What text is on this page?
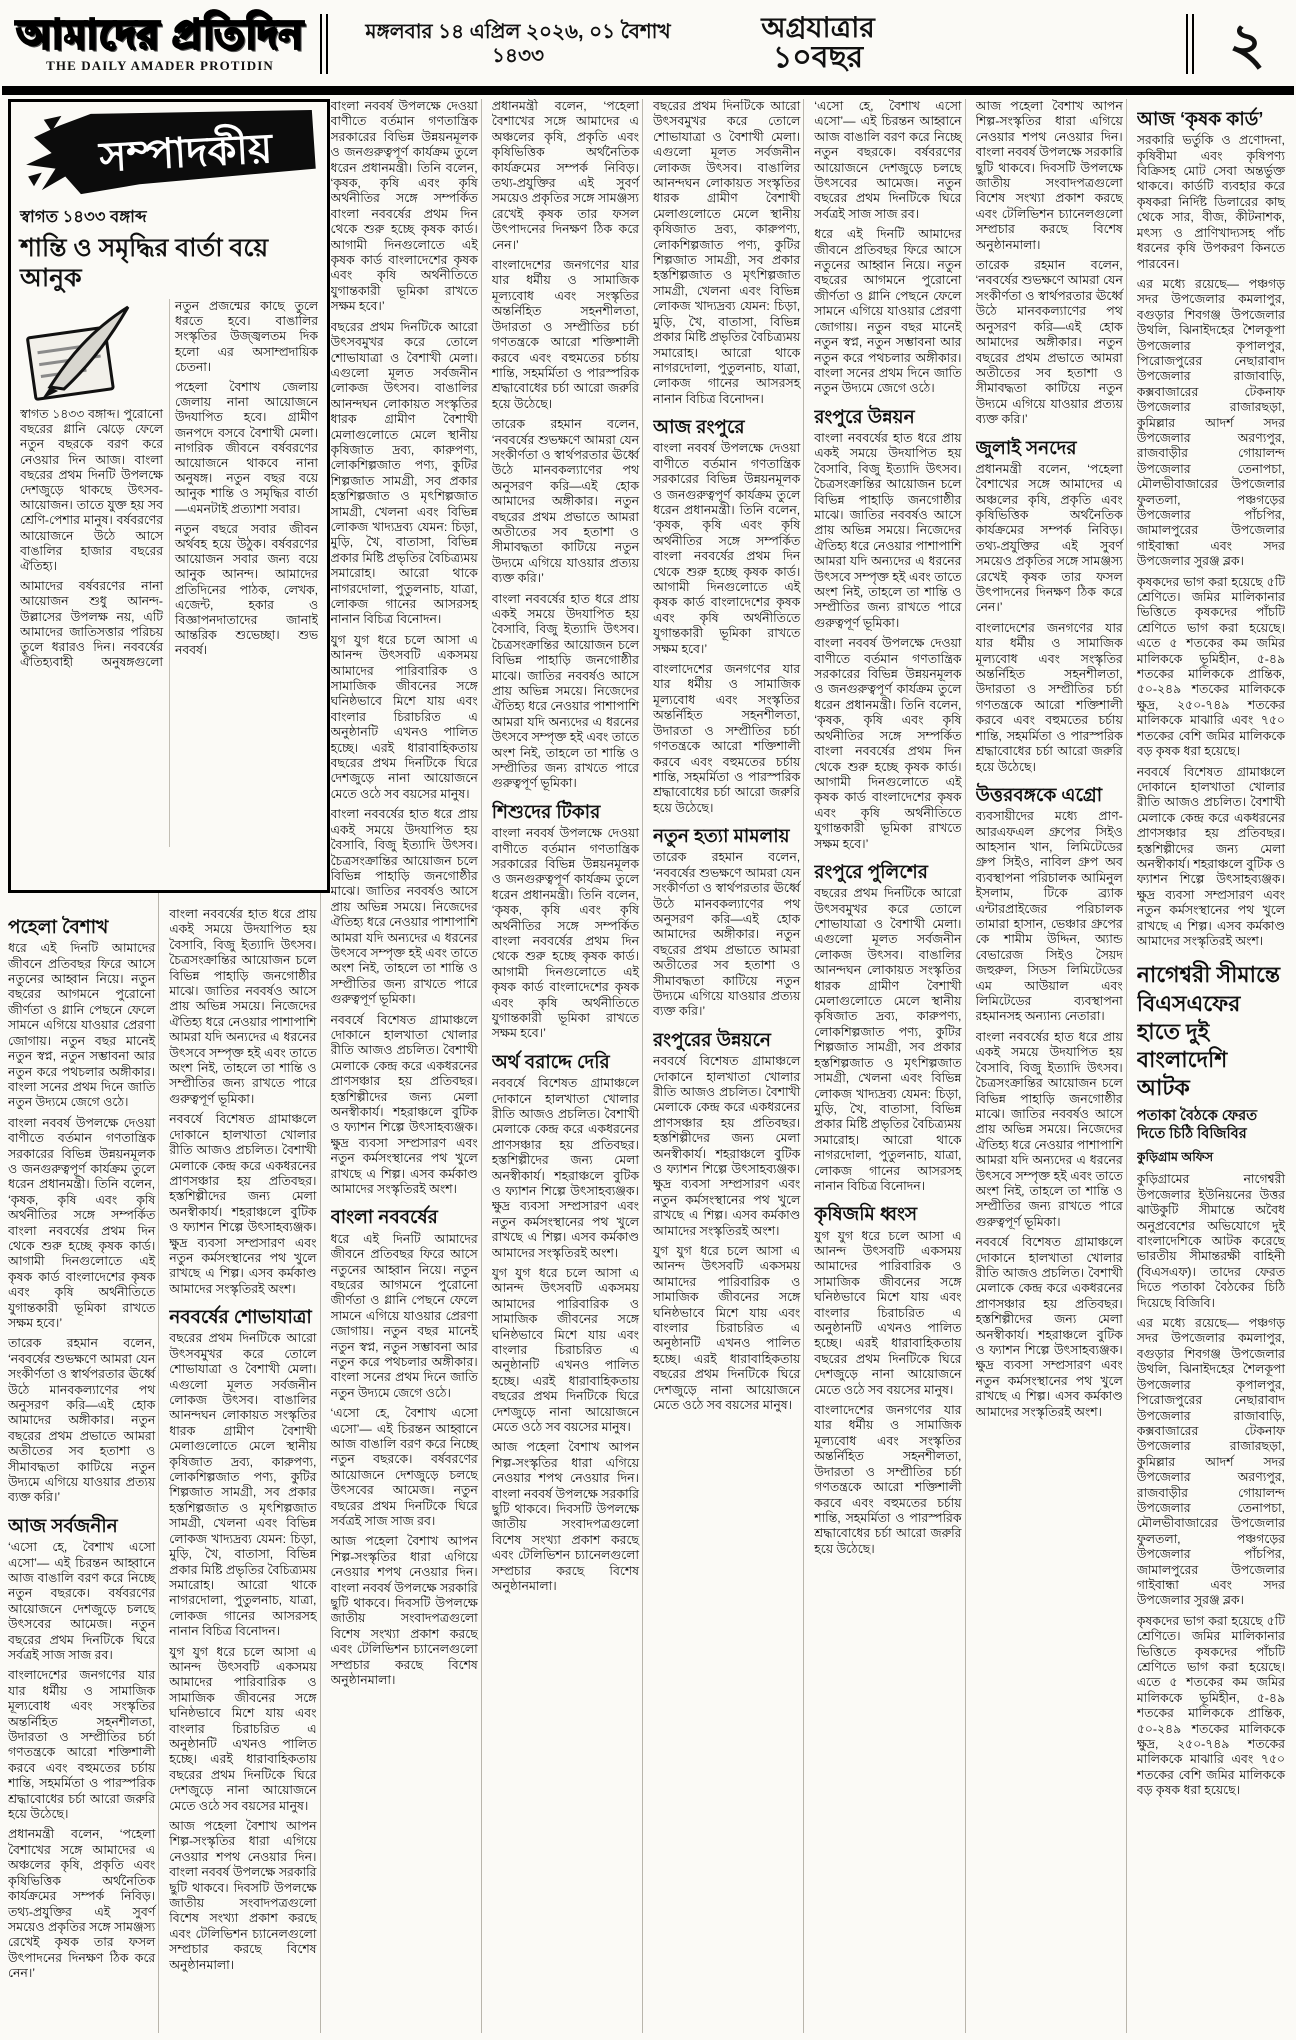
আমাদের প্রতিদিন
THE DAILY AMADER PROTIDIN
মঙ্গলবার ১৪ এপ্রিল ২০২৬, ০১ বৈশাখ ১৪৩৩
অগ্রযাত্রার
১০বছর	২
সম্পাদকীয়
স্বাগত ১৪৩৩ বঙ্গাব্দ
শান্তি ও সমৃদ্ধির বার্তা বয়ে আনুক

স্বাগত ১৪৩৩ বঙ্গাব্দ। পুরোনো বছরের গ্লানি ঝেড়ে ফেলে নতুন বছরকে বরণ করে নেওয়ার দিন আজ। বাংলা বছরের প্রথম দিনটি উপলক্ষে দেশজুড়ে থাকছে উৎসব-আয়োজন। তাতে যুক্ত হয় সব শ্রেণি-পেশার মানুষ। বর্ষবরণের আয়োজনে উঠে আসে বাঙালির হাজার বছরের ঐতিহ্য।

আমাদের বর্ষবরণের নানা আয়োজন শুধু আনন্দ-উল্লাসের উপলক্ষ নয়, এটি আমাদের জাতিসত্তার পরিচয় তুলে ধরারও দিন। নববর্ষের ঐতিহ্যবাহী অনুষঙ্গগুলো নতুন প্রজন্মের কাছে তুলে ধরতে হবে। বাঙালির সংস্কৃতির উজ্জ্বলতম দিক হলো এর অসাম্প্রদায়িক চেতনা।

পহেলা বৈশাখ জেলায় জেলায় নানা আয়োজনে উদযাপিত হবে। গ্রামীণ জনপদে বসবে বৈশাখী মেলা। নাগরিক জীবনে বর্ষবরণের আয়োজনে থাকবে নানা অনুষঙ্গ। নতুন বছর বয়ে আনুক শান্তি ও সমৃদ্ধির বার্তা—এমনটাই প্রত্যাশা সবার।

নতুন বছরে সবার জীবন অর্থবহ হয়ে উঠুক। বর্ষবরণের আয়োজন সবার জন্য বয়ে আনুক আনন্দ। আমাদের প্রতিদিনের পাঠক, লেখক, এজেন্ট, হকার ও বিজ্ঞাপনদাতাদের জানাই আন্তরিক শুভেচ্ছা। শুভ নববর্ষ।

পহেলা বৈশাখ

ধরে এই দিনটি আমাদের জীবনে প্রতিবছর ফিরে আসে নতুনের আহ্বান নিয়ে। নতুন বছরের আগমনে পুরোনো জীর্ণতা ও গ্লানি পেছনে ফেলে সামনে এগিয়ে যাওয়ার প্রেরণা জোগায়। নতুন বছর মানেই নতুন স্বপ্ন, নতুন সম্ভাবনা আর নতুন করে পথচলার অঙ্গীকার। বাংলা সনের প্রথম দিনে জাতি নতুন উদ্যমে জেগে ওঠে।

বাংলা নববর্ষ উপলক্ষে দেওয়া বাণীতে বর্তমান গণতান্ত্রিক সরকারের বিভিন্ন উন্নয়নমূলক ও জনগুরুত্বপূর্ণ কার্যক্রম তুলে ধরেন প্রধানমন্ত্রী। তিনি বলেন, ‘কৃষক, কৃষি এবং কৃষি অর্থনীতির সঙ্গে সম্পর্কিত বাংলা নববর্ষের প্রথম দিন থেকে শুরু হচ্ছে কৃষক কার্ড। আগামী দিনগুলোতে এই কৃষক কার্ড বাংলাদেশের কৃষক এবং কৃষি অর্থনীতিতে যুগান্তকারী ভূমিকা রাখতে সক্ষম হবে।’

তারেক রহমান বলেন, ‘নববর্ষের শুভক্ষণে আমরা যেন সংকীর্ণতা ও স্বার্থপরতার ঊর্ধ্বে উঠে মানবকল্যাণের পথ অনুসরণ করি—এই হোক আমাদের অঙ্গীকার। নতুন বছরের প্রথম প্রভাতে আমরা অতীতের সব হতাশা ও সীমাবদ্ধতা কাটিয়ে নতুন উদ্যমে এগিয়ে যাওয়ার প্রত্যয় ব্যক্ত করি।’

আজ সর্বজনীন

‘এসো হে, বৈশাখ এসো এসো’— এই চিরন্তন আহ্বানে আজ বাঙালি বরণ করে নিচ্ছে নতুন বছরকে। বর্ষবরণের আয়োজনে দেশজুড়ে চলছে উৎসবের আমেজ। নতুন বছরের প্রথম দিনটিকে ঘিরে সর্বত্রই সাজ সাজ রব।

বাংলাদেশের জনগণের যার যার ধর্মীয় ও সামাজিক মূল্যবোধ এবং সংস্কৃতির অন্তর্নিহিত সহনশীলতা, উদারতা ও সম্প্রীতির চর্চা গণতন্ত্রকে আরো শক্তিশালী করবে এবং বহুমতের চর্চায় শান্তি, সহমর্মিতা ও পারস্পরিক শ্রদ্ধাবোধের চর্চা আরো জরুরি হয়ে উঠেছে।

প্রধানমন্ত্রী বলেন, ‘পহেলা বৈশাখের সঙ্গে আমাদের এ অঞ্চলের কৃষি, প্রকৃতি এবং কৃষিভিত্তিক অর্থনৈতিক কার্যক্রমের সম্পর্ক নিবিড়। তথ্য-প্রযুক্তির এই সুবর্ণ সময়েও প্রকৃতির সঙ্গে সামঞ্জস্য রেখেই কৃষক তার ফসল উৎপাদনের দিনক্ষণ ঠিক করে নেন।’

বাংলা নববর্ষের হাত ধরে প্রায় একই সময়ে উদযাপিত হয় বৈসাবি, বিজু ইত্যাদি উৎসব। চৈত্রসংক্রান্তির আয়োজন চলে বিভিন্ন পাহাড়ি জনগোষ্ঠীর মাঝে। জাতির নববর্ষও আসে প্রায় অভিন্ন সময়ে। নিজেদের ঐতিহ্য ধরে নেওয়ার পাশাপাশি আমরা যদি অন্যদের এ ধরনের উৎসবে সম্পৃক্ত হই এবং তাতে অংশ নিই, তাহলে তা শান্তি ও সম্প্রীতির জন্য রাখতে পারে গুরুত্বপূর্ণ ভূমিকা।

নববর্ষে বিশেষত গ্রামাঞ্চলে দোকানে হালখাতা খোলার রীতি আজও প্রচলিত। বৈশাখী মেলাকে কেন্দ্র করে একধরনের প্রাণসঞ্চার হয় প্রতিবছর। হস্তশিল্পীদের জন্য মেলা অনস্বীকার্য। শহরাঞ্চলে বুটিক ও ফ্যাশন শিল্পে উৎসাহব্যঞ্জক। ক্ষুদ্র ব্যবসা সম্প্রসারণ এবং নতুন কর্মসংস্থানের পথ খুলে রাখছে এ শিল্প। এসব কর্মকাণ্ড আমাদের সংস্কৃতিরই অংশ।

নববর্ষের শোভাযাত্রা

বছরের প্রথম দিনটিকে আরো উৎসবমুখর করে তোলে শোভাযাত্রা ও বৈশাখী মেলা। এগুলো মূলত সর্বজনীন লোকজ উৎসব। বাঙালির আনন্দঘন লোকায়ত সংস্কৃতির ধারক গ্রামীণ বৈশাখী মেলাগুলোতে মেলে স্থানীয় কৃষিজাত দ্রব্য, কারুপণ্য, লোকশিল্পজাত পণ্য, কুটির শিল্পজাত সামগ্রী, সব প্রকার হস্তশিল্পজাত ও মৃৎশিল্পজাত সামগ্রী, খেলনা এবং বিভিন্ন লোকজ খাদ্যদ্রব্য যেমন: চিড়া, মুড়ি, খৈ, বাতাসা, বিভিন্ন প্রকার মিষ্টি প্রভৃতির বৈচিত্র্যময় সমারোহ। আরো থাকে নাগরদোলা, পুতুলনাচ, যাত্রা, লোকজ গানের আসরসহ নানান বিচিত্র বিনোদন।

যুগ যুগ ধরে চলে আসা এ আনন্দ উৎসবটি একসময় আমাদের পারিবারিক ও সামাজিক জীবনের সঙ্গে ঘনিষ্ঠভাবে মিশে যায় এবং বাংলার চিরাচরিত এ অনুষ্ঠানটি এখনও পালিত হচ্ছে। এরই ধারাবাহিকতায় বছরের প্রথম দিনটিকে ঘিরে দেশজুড়ে নানা আয়োজনে মেতে ওঠে সব বয়সের মানুষ।

আজ পহেলা বৈশাখ আপন শিল্প-সংস্কৃতির ধারা এগিয়ে নেওয়ার শপথ নেওয়ার দিন। বাংলা নববর্ষ উপলক্ষে সরকারি ছুটি থাকবে। দিবসটি উপলক্ষে জাতীয় সংবাদপত্রগুলো বিশেষ সংখ্যা প্রকাশ করছে এবং টেলিভিশন চ্যানেলগুলো সম্প্রচার করছে বিশেষ অনুষ্ঠানমালা।

বাংলা নববর্ষ উপলক্ষে দেওয়া বাণীতে বর্তমান গণতান্ত্রিক সরকারের বিভিন্ন উন্নয়নমূলক ও জনগুরুত্বপূর্ণ কার্যক্রম তুলে ধরেন প্রধানমন্ত্রী। তিনি বলেন, ‘কৃষক, কৃষি এবং কৃষি অর্থনীতির সঙ্গে সম্পর্কিত বাংলা নববর্ষের প্রথম দিন থেকে শুরু হচ্ছে কৃষক কার্ড। আগামী দিনগুলোতে এই কৃষক কার্ড বাংলাদেশের কৃষক এবং কৃষি অর্থনীতিতে যুগান্তকারী ভূমিকা রাখতে সক্ষম হবে।’

বছরের প্রথম দিনটিকে আরো উৎসবমুখর করে তোলে শোভাযাত্রা ও বৈশাখী মেলা। এগুলো মূলত সর্বজনীন লোকজ উৎসব। বাঙালির আনন্দঘন লোকায়ত সংস্কৃতির ধারক গ্রামীণ বৈশাখী মেলাগুলোতে মেলে স্থানীয় কৃষিজাত দ্রব্য, কারুপণ্য, লোকশিল্পজাত পণ্য, কুটির শিল্পজাত সামগ্রী, সব প্রকার হস্তশিল্পজাত ও মৃৎশিল্পজাত সামগ্রী, খেলনা এবং বিভিন্ন লোকজ খাদ্যদ্রব্য যেমন: চিড়া, মুড়ি, খৈ, বাতাসা, বিভিন্ন প্রকার মিষ্টি প্রভৃতির বৈচিত্র্যময় সমারোহ। আরো থাকে নাগরদোলা, পুতুলনাচ, যাত্রা, লোকজ গানের আসরসহ নানান বিচিত্র বিনোদন।

যুগ যুগ ধরে চলে আসা এ আনন্দ উৎসবটি একসময় আমাদের পারিবারিক ও সামাজিক জীবনের সঙ্গে ঘনিষ্ঠভাবে মিশে যায় এবং বাংলার চিরাচরিত এ অনুষ্ঠানটি এখনও পালিত হচ্ছে। এরই ধারাবাহিকতায় বছরের প্রথম দিনটিকে ঘিরে দেশজুড়ে নানা আয়োজনে মেতে ওঠে সব বয়সের মানুষ।

বাংলা নববর্ষের হাত ধরে প্রায় একই সময়ে উদযাপিত হয় বৈসাবি, বিজু ইত্যাদি উৎসব। চৈত্রসংক্রান্তির আয়োজন চলে বিভিন্ন পাহাড়ি জনগোষ্ঠীর মাঝে। জাতির নববর্ষও আসে প্রায় অভিন্ন সময়ে। নিজেদের ঐতিহ্য ধরে নেওয়ার পাশাপাশি আমরা যদি অন্যদের এ ধরনের উৎসবে সম্পৃক্ত হই এবং তাতে অংশ নিই, তাহলে তা শান্তি ও সম্প্রীতির জন্য রাখতে পারে গুরুত্বপূর্ণ ভূমিকা।

নববর্ষে বিশেষত গ্রামাঞ্চলে দোকানে হালখাতা খোলার রীতি আজও প্রচলিত। বৈশাখী মেলাকে কেন্দ্র করে একধরনের প্রাণসঞ্চার হয় প্রতিবছর। হস্তশিল্পীদের জন্য মেলা অনস্বীকার্য। শহরাঞ্চলে বুটিক ও ফ্যাশন শিল্পে উৎসাহব্যঞ্জক। ক্ষুদ্র ব্যবসা সম্প্রসারণ এবং নতুন কর্মসংস্থানের পথ খুলে রাখছে এ শিল্প। এসব কর্মকাণ্ড আমাদের সংস্কৃতিরই অংশ।

বাংলা নববর্ষের

ধরে এই দিনটি আমাদের জীবনে প্রতিবছর ফিরে আসে নতুনের আহ্বান নিয়ে। নতুন বছরের আগমনে পুরোনো জীর্ণতা ও গ্লানি পেছনে ফেলে সামনে এগিয়ে যাওয়ার প্রেরণা জোগায়। নতুন বছর মানেই নতুন স্বপ্ন, নতুন সম্ভাবনা আর নতুন করে পথচলার অঙ্গীকার। বাংলা সনের প্রথম দিনে জাতি নতুন উদ্যমে জেগে ওঠে।

‘এসো হে, বৈশাখ এসো এসো’— এই চিরন্তন আহ্বানে আজ বাঙালি বরণ করে নিচ্ছে নতুন বছরকে। বর্ষবরণের আয়োজনে দেশজুড়ে চলছে উৎসবের আমেজ। নতুন বছরের প্রথম দিনটিকে ঘিরে সর্বত্রই সাজ সাজ রব।

আজ পহেলা বৈশাখ আপন শিল্প-সংস্কৃতির ধারা এগিয়ে নেওয়ার শপথ নেওয়ার দিন। বাংলা নববর্ষ উপলক্ষে সরকারি ছুটি থাকবে। দিবসটি উপলক্ষে জাতীয় সংবাদপত্রগুলো বিশেষ সংখ্যা প্রকাশ করছে এবং টেলিভিশন চ্যানেলগুলো সম্প্রচার করছে বিশেষ অনুষ্ঠানমালা।

প্রধানমন্ত্রী বলেন, ‘পহেলা বৈশাখের সঙ্গে আমাদের এ অঞ্চলের কৃষি, প্রকৃতি এবং কৃষিভিত্তিক অর্থনৈতিক কার্যক্রমের সম্পর্ক নিবিড়। তথ্য-প্রযুক্তির এই সুবর্ণ সময়েও প্রকৃতির সঙ্গে সামঞ্জস্য রেখেই কৃষক তার ফসল উৎপাদনের দিনক্ষণ ঠিক করে নেন।’

বাংলাদেশের জনগণের যার যার ধর্মীয় ও সামাজিক মূল্যবোধ এবং সংস্কৃতির অন্তর্নিহিত সহনশীলতা, উদারতা ও সম্প্রীতির চর্চা গণতন্ত্রকে আরো শক্তিশালী করবে এবং বহুমতের চর্চায় শান্তি, সহমর্মিতা ও পারস্পরিক শ্রদ্ধাবোধের চর্চা আরো জরুরি হয়ে উঠেছে।

তারেক রহমান বলেন, ‘নববর্ষের শুভক্ষণে আমরা যেন সংকীর্ণতা ও স্বার্থপরতার ঊর্ধ্বে উঠে মানবকল্যাণের পথ অনুসরণ করি—এই হোক আমাদের অঙ্গীকার। নতুন বছরের প্রথম প্রভাতে আমরা অতীতের সব হতাশা ও সীমাবদ্ধতা কাটিয়ে নতুন উদ্যমে এগিয়ে যাওয়ার প্রত্যয় ব্যক্ত করি।’

বাংলা নববর্ষের হাত ধরে প্রায় একই সময়ে উদযাপিত হয় বৈসাবি, বিজু ইত্যাদি উৎসব। চৈত্রসংক্রান্তির আয়োজন চলে বিভিন্ন পাহাড়ি জনগোষ্ঠীর মাঝে। জাতির নববর্ষও আসে প্রায় অভিন্ন সময়ে। নিজেদের ঐতিহ্য ধরে নেওয়ার পাশাপাশি আমরা যদি অন্যদের এ ধরনের উৎসবে সম্পৃক্ত হই এবং তাতে অংশ নিই, তাহলে তা শান্তি ও সম্প্রীতির জন্য রাখতে পারে গুরুত্বপূর্ণ ভূমিকা।

শিশুদের টিকার

বাংলা নববর্ষ উপলক্ষে দেওয়া বাণীতে বর্তমান গণতান্ত্রিক সরকারের বিভিন্ন উন্নয়নমূলক ও জনগুরুত্বপূর্ণ কার্যক্রম তুলে ধরেন প্রধানমন্ত্রী। তিনি বলেন, ‘কৃষক, কৃষি এবং কৃষি অর্থনীতির সঙ্গে সম্পর্কিত বাংলা নববর্ষের প্রথম দিন থেকে শুরু হচ্ছে কৃষক কার্ড। আগামী দিনগুলোতে এই কৃষক কার্ড বাংলাদেশের কৃষক এবং কৃষি অর্থনীতিতে যুগান্তকারী ভূমিকা রাখতে সক্ষম হবে।’

অর্থ বরাদ্দে দেরি

নববর্ষে বিশেষত গ্রামাঞ্চলে দোকানে হালখাতা খোলার রীতি আজও প্রচলিত। বৈশাখী মেলাকে কেন্দ্র করে একধরনের প্রাণসঞ্চার হয় প্রতিবছর। হস্তশিল্পীদের জন্য মেলা অনস্বীকার্য। শহরাঞ্চলে বুটিক ও ফ্যাশন শিল্পে উৎসাহব্যঞ্জক। ক্ষুদ্র ব্যবসা সম্প্রসারণ এবং নতুন কর্মসংস্থানের পথ খুলে রাখছে এ শিল্প। এসব কর্মকাণ্ড আমাদের সংস্কৃতিরই অংশ।

যুগ যুগ ধরে চলে আসা এ আনন্দ উৎসবটি একসময় আমাদের পারিবারিক ও সামাজিক জীবনের সঙ্গে ঘনিষ্ঠভাবে মিশে যায় এবং বাংলার চিরাচরিত এ অনুষ্ঠানটি এখনও পালিত হচ্ছে। এরই ধারাবাহিকতায় বছরের প্রথম দিনটিকে ঘিরে দেশজুড়ে নানা আয়োজনে মেতে ওঠে সব বয়সের মানুষ।

আজ পহেলা বৈশাখ আপন শিল্প-সংস্কৃতির ধারা এগিয়ে নেওয়ার শপথ নেওয়ার দিন। বাংলা নববর্ষ উপলক্ষে সরকারি ছুটি থাকবে। দিবসটি উপলক্ষে জাতীয় সংবাদপত্রগুলো বিশেষ সংখ্যা প্রকাশ করছে এবং টেলিভিশন চ্যানেলগুলো সম্প্রচার করছে বিশেষ অনুষ্ঠানমালা।

বছরের প্রথম দিনটিকে আরো উৎসবমুখর করে তোলে শোভাযাত্রা ও বৈশাখী মেলা। এগুলো মূলত সর্বজনীন লোকজ উৎসব। বাঙালির আনন্দঘন লোকায়ত সংস্কৃতির ধারক গ্রামীণ বৈশাখী মেলাগুলোতে মেলে স্থানীয় কৃষিজাত দ্রব্য, কারুপণ্য, লোকশিল্পজাত পণ্য, কুটির শিল্পজাত সামগ্রী, সব প্রকার হস্তশিল্পজাত ও মৃৎশিল্পজাত সামগ্রী, খেলনা এবং বিভিন্ন লোকজ খাদ্যদ্রব্য যেমন: চিড়া, মুড়ি, খৈ, বাতাসা, বিভিন্ন প্রকার মিষ্টি প্রভৃতির বৈচিত্র্যময় সমারোহ। আরো থাকে নাগরদোলা, পুতুলনাচ, যাত্রা, লোকজ গানের আসরসহ নানান বিচিত্র বিনোদন।

আজ রংপুরে

বাংলা নববর্ষ উপলক্ষে দেওয়া বাণীতে বর্তমান গণতান্ত্রিক সরকারের বিভিন্ন উন্নয়নমূলক ও জনগুরুত্বপূর্ণ কার্যক্রম তুলে ধরেন প্রধানমন্ত্রী। তিনি বলেন, ‘কৃষক, কৃষি এবং কৃষি অর্থনীতির সঙ্গে সম্পর্কিত বাংলা নববর্ষের প্রথম দিন থেকে শুরু হচ্ছে কৃষক কার্ড। আগামী দিনগুলোতে এই কৃষক কার্ড বাংলাদেশের কৃষক এবং কৃষি অর্থনীতিতে যুগান্তকারী ভূমিকা রাখতে সক্ষম হবে।’

বাংলাদেশের জনগণের যার যার ধর্মীয় ও সামাজিক মূল্যবোধ এবং সংস্কৃতির অন্তর্নিহিত সহনশীলতা, উদারতা ও সম্প্রীতির চর্চা গণতন্ত্রকে আরো শক্তিশালী করবে এবং বহুমতের চর্চায় শান্তি, সহমর্মিতা ও পারস্পরিক শ্রদ্ধাবোধের চর্চা আরো জরুরি হয়ে উঠেছে।

নতুন হত্যা মামলায়

তারেক রহমান বলেন, ‘নববর্ষের শুভক্ষণে আমরা যেন সংকীর্ণতা ও স্বার্থপরতার ঊর্ধ্বে উঠে মানবকল্যাণের পথ অনুসরণ করি—এই হোক আমাদের অঙ্গীকার। নতুন বছরের প্রথম প্রভাতে আমরা অতীতের সব হতাশা ও সীমাবদ্ধতা কাটিয়ে নতুন উদ্যমে এগিয়ে যাওয়ার প্রত্যয় ব্যক্ত করি।’

রংপুরের উন্নয়নে

নববর্ষে বিশেষত গ্রামাঞ্চলে দোকানে হালখাতা খোলার রীতি আজও প্রচলিত। বৈশাখী মেলাকে কেন্দ্র করে একধরনের প্রাণসঞ্চার হয় প্রতিবছর। হস্তশিল্পীদের জন্য মেলা অনস্বীকার্য। শহরাঞ্চলে বুটিক ও ফ্যাশন শিল্পে উৎসাহব্যঞ্জক। ক্ষুদ্র ব্যবসা সম্প্রসারণ এবং নতুন কর্মসংস্থানের পথ খুলে রাখছে এ শিল্প। এসব কর্মকাণ্ড আমাদের সংস্কৃতিরই অংশ।

যুগ যুগ ধরে চলে আসা এ আনন্দ উৎসবটি একসময় আমাদের পারিবারিক ও সামাজিক জীবনের সঙ্গে ঘনিষ্ঠভাবে মিশে যায় এবং বাংলার চিরাচরিত এ অনুষ্ঠানটি এখনও পালিত হচ্ছে। এরই ধারাবাহিকতায় বছরের প্রথম দিনটিকে ঘিরে দেশজুড়ে নানা আয়োজনে মেতে ওঠে সব বয়সের মানুষ।

‘এসো হে, বৈশাখ এসো এসো’— এই চিরন্তন আহ্বানে আজ বাঙালি বরণ করে নিচ্ছে নতুন বছরকে। বর্ষবরণের আয়োজনে দেশজুড়ে চলছে উৎসবের আমেজ। নতুন বছরের প্রথম দিনটিকে ঘিরে সর্বত্রই সাজ সাজ রব।

ধরে এই দিনটি আমাদের জীবনে প্রতিবছর ফিরে আসে নতুনের আহ্বান নিয়ে। নতুন বছরের আগমনে পুরোনো জীর্ণতা ও গ্লানি পেছনে ফেলে সামনে এগিয়ে যাওয়ার প্রেরণা জোগায়। নতুন বছর মানেই নতুন স্বপ্ন, নতুন সম্ভাবনা আর নতুন করে পথচলার অঙ্গীকার। বাংলা সনের প্রথম দিনে জাতি নতুন উদ্যমে জেগে ওঠে।

রংপুরে উন্নয়ন

বাংলা নববর্ষের হাত ধরে প্রায় একই সময়ে উদযাপিত হয় বৈসাবি, বিজু ইত্যাদি উৎসব। চৈত্রসংক্রান্তির আয়োজন চলে বিভিন্ন পাহাড়ি জনগোষ্ঠীর মাঝে। জাতির নববর্ষও আসে প্রায় অভিন্ন সময়ে। নিজেদের ঐতিহ্য ধরে নেওয়ার পাশাপাশি আমরা যদি অন্যদের এ ধরনের উৎসবে সম্পৃক্ত হই এবং তাতে অংশ নিই, তাহলে তা শান্তি ও সম্প্রীতির জন্য রাখতে পারে গুরুত্বপূর্ণ ভূমিকা।

বাংলা নববর্ষ উপলক্ষে দেওয়া বাণীতে বর্তমান গণতান্ত্রিক সরকারের বিভিন্ন উন্নয়নমূলক ও জনগুরুত্বপূর্ণ কার্যক্রম তুলে ধরেন প্রধানমন্ত্রী। তিনি বলেন, ‘কৃষক, কৃষি এবং কৃষি অর্থনীতির সঙ্গে সম্পর্কিত বাংলা নববর্ষের প্রথম দিন থেকে শুরু হচ্ছে কৃষক কার্ড। আগামী দিনগুলোতে এই কৃষক কার্ড বাংলাদেশের কৃষক এবং কৃষি অর্থনীতিতে যুগান্তকারী ভূমিকা রাখতে সক্ষম হবে।’

রংপুরে পুলিশের

বছরের প্রথম দিনটিকে আরো উৎসবমুখর করে তোলে শোভাযাত্রা ও বৈশাখী মেলা। এগুলো মূলত সর্বজনীন লোকজ উৎসব। বাঙালির আনন্দঘন লোকায়ত সংস্কৃতির ধারক গ্রামীণ বৈশাখী মেলাগুলোতে মেলে স্থানীয় কৃষিজাত দ্রব্য, কারুপণ্য, লোকশিল্পজাত পণ্য, কুটির শিল্পজাত সামগ্রী, সব প্রকার হস্তশিল্পজাত ও মৃৎশিল্পজাত সামগ্রী, খেলনা এবং বিভিন্ন লোকজ খাদ্যদ্রব্য যেমন: চিড়া, মুড়ি, খৈ, বাতাসা, বিভিন্ন প্রকার মিষ্টি প্রভৃতির বৈচিত্র্যময় সমারোহ। আরো থাকে নাগরদোলা, পুতুলনাচ, যাত্রা, লোকজ গানের আসরসহ নানান বিচিত্র বিনোদন।

কৃষিজমি ধ্বংস

যুগ যুগ ধরে চলে আসা এ আনন্দ উৎসবটি একসময় আমাদের পারিবারিক ও সামাজিক জীবনের সঙ্গে ঘনিষ্ঠভাবে মিশে যায় এবং বাংলার চিরাচরিত এ অনুষ্ঠানটি এখনও পালিত হচ্ছে। এরই ধারাবাহিকতায় বছরের প্রথম দিনটিকে ঘিরে দেশজুড়ে নানা আয়োজনে মেতে ওঠে সব বয়সের মানুষ।

বাংলাদেশের জনগণের যার যার ধর্মীয় ও সামাজিক মূল্যবোধ এবং সংস্কৃতির অন্তর্নিহিত সহনশীলতা, উদারতা ও সম্প্রীতির চর্চা গণতন্ত্রকে আরো শক্তিশালী করবে এবং বহুমতের চর্চায় শান্তি, সহমর্মিতা ও পারস্পরিক শ্রদ্ধাবোধের চর্চা আরো জরুরি হয়ে উঠেছে।

আজ পহেলা বৈশাখ আপন শিল্প-সংস্কৃতির ধারা এগিয়ে নেওয়ার শপথ নেওয়ার দিন। বাংলা নববর্ষ উপলক্ষে সরকারি ছুটি থাকবে। দিবসটি উপলক্ষে জাতীয় সংবাদপত্রগুলো বিশেষ সংখ্যা প্রকাশ করছে এবং টেলিভিশন চ্যানেলগুলো সম্প্রচার করছে বিশেষ অনুষ্ঠানমালা।

তারেক রহমান বলেন, ‘নববর্ষের শুভক্ষণে আমরা যেন সংকীর্ণতা ও স্বার্থপরতার ঊর্ধ্বে উঠে মানবকল্যাণের পথ অনুসরণ করি—এই হোক আমাদের অঙ্গীকার। নতুন বছরের প্রথম প্রভাতে আমরা অতীতের সব হতাশা ও সীমাবদ্ধতা কাটিয়ে নতুন উদ্যমে এগিয়ে যাওয়ার প্রত্যয় ব্যক্ত করি।’

জুলাই সনদের

প্রধানমন্ত্রী বলেন, ‘পহেলা বৈশাখের সঙ্গে আমাদের এ অঞ্চলের কৃষি, প্রকৃতি এবং কৃষিভিত্তিক অর্থনৈতিক কার্যক্রমের সম্পর্ক নিবিড়। তথ্য-প্রযুক্তির এই সুবর্ণ সময়েও প্রকৃতির সঙ্গে সামঞ্জস্য রেখেই কৃষক তার ফসল উৎপাদনের দিনক্ষণ ঠিক করে নেন।’

বাংলাদেশের জনগণের যার যার ধর্মীয় ও সামাজিক মূল্যবোধ এবং সংস্কৃতির অন্তর্নিহিত সহনশীলতা, উদারতা ও সম্প্রীতির চর্চা গণতন্ত্রকে আরো শক্তিশালী করবে এবং বহুমতের চর্চায় শান্তি, সহমর্মিতা ও পারস্পরিক শ্রদ্ধাবোধের চর্চা আরো জরুরি হয়ে উঠেছে।

উত্তরবঙ্গকে এগ্রো

ব্যবসায়ীদের মধ্যে প্রাণ-আরএফএল গ্রুপের সিইও আহসান খান, লিমিটেডের গ্রুপ সিইও, নাবিল গ্রুপ অব ব্যবস্থাপনা পরিচালক আমিনুল ইসলাম, টিকে ব্র্যাক এন্টারপ্রাইজের পরিচালক তামারা হাসান, ভেঞ্চার গ্রুপের কে শামীম উদ্দিন, অ্যান্ড বেভারেজ সিইও সৈয়দ জহুরুল, সিডস লিমিটেডের এম আউয়াল এবং লিমিটেডের ব্যবস্থাপনা রহমানসহ অন্যান্য নেতারা।

বাংলা নববর্ষের হাত ধরে প্রায় একই সময়ে উদযাপিত হয় বৈসাবি, বিজু ইত্যাদি উৎসব। চৈত্রসংক্রান্তির আয়োজন চলে বিভিন্ন পাহাড়ি জনগোষ্ঠীর মাঝে। জাতির নববর্ষও আসে প্রায় অভিন্ন সময়ে। নিজেদের ঐতিহ্য ধরে নেওয়ার পাশাপাশি আমরা যদি অন্যদের এ ধরনের উৎসবে সম্পৃক্ত হই এবং তাতে অংশ নিই, তাহলে তা শান্তি ও সম্প্রীতির জন্য রাখতে পারে গুরুত্বপূর্ণ ভূমিকা।

নববর্ষে বিশেষত গ্রামাঞ্চলে দোকানে হালখাতা খোলার রীতি আজও প্রচলিত। বৈশাখী মেলাকে কেন্দ্র করে একধরনের প্রাণসঞ্চার হয় প্রতিবছর। হস্তশিল্পীদের জন্য মেলা অনস্বীকার্য। শহরাঞ্চলে বুটিক ও ফ্যাশন শিল্পে উৎসাহব্যঞ্জক। ক্ষুদ্র ব্যবসা সম্প্রসারণ এবং নতুন কর্মসংস্থানের পথ খুলে রাখছে এ শিল্প। এসব কর্মকাণ্ড আমাদের সংস্কৃতিরই অংশ।

আজ ‘কৃষক কার্ড’

সরকারি ভর্তুকি ও প্রণোদনা, কৃষিবীমা এবং কৃষিপণ্য বিক্রিসহ মোট সেবা অন্তর্ভুক্ত থাকবে। কার্ডটি ব্যবহার করে কৃষকরা নির্দিষ্ট ডিলারের কাছ থেকে সার, বীজ, কীটনাশক, মৎস্য ও প্রাণিখাদ্যসহ পাঁচ ধরনের কৃষি উপকরণ কিনতে পারবেন।

এর মধ্যে রয়েছে— পঞ্চগড় সদর উপজেলার কমলাপুর, বগুড়ার শিবগঞ্জ উপজেলার উথলি, ঝিনাইদহের শৈলকূপা উপজেলার কৃপালপুর, পিরোজপুরের নেছারাবাদ উপজেলার রাজাবাড়ি, কক্সবাজারের টেকনাফ উপজেলার রাজারছড়া, কুমিল্লার আদর্শ সদর উপজেলার অরণ্যপুর, রাজবাড়ীর গোয়ালন্দ উপজেলার তেনাপচা, মৌলভীবাজারের উপজেলার ফুলতলা, পঞ্চগড়ের উপজেলার পাঁচপির, জামালপুরের উপজেলার গাইবান্ধা এবং সদর উপজেলার সুরঞ্জ ব্লক।

কৃষকদের ভাগ করা হয়েছে ৫টি শ্রেণিতে। জমির মালিকানার ভিত্তিতে কৃষকদের পাঁচটি শ্রেণিতে ভাগ করা হয়েছে। এতে ৫ শতকের কম জমির মালিককে ভূমিহীন, ৫-৪৯ শতকের মালিককে প্রান্তিক, ৫০-২৪৯ শতকের মালিককে ক্ষুদ্র, ২৫০-৭৪৯ শতকের মালিককে মাঝারি এবং ৭৫০ শতকের বেশি জমির মালিককে বড় কৃষক ধরা হয়েছে।

নববর্ষে বিশেষত গ্রামাঞ্চলে দোকানে হালখাতা খোলার রীতি আজও প্রচলিত। বৈশাখী মেলাকে কেন্দ্র করে একধরনের প্রাণসঞ্চার হয় প্রতিবছর। হস্তশিল্পীদের জন্য মেলা অনস্বীকার্য। শহরাঞ্চলে বুটিক ও ফ্যাশন শিল্পে উৎসাহব্যঞ্জক। ক্ষুদ্র ব্যবসা সম্প্রসারণ এবং নতুন কর্মসংস্থানের পথ খুলে রাখছে এ শিল্প। এসব কর্মকাণ্ড আমাদের সংস্কৃতিরই অংশ।

নাগেশ্বরী সীমান্তে বিএসএফের হাতে দুই বাংলাদেশি আটক
পতাকা বৈঠকে ফেরত দিতে চিঠি বিজিবির
কুড়িগ্রাম অফিস

কুড়িগ্রামের নাগেশ্বরী উপজেলার ইউনিয়নের উত্তর ঝাউকুটি সীমান্তে অবৈধ অনুপ্রবেশের অভিযোগে দুই বাংলাদেশিকে আটক করেছে ভারতীয় সীমান্তরক্ষী বাহিনী (বিএসএফ)। তাদের ফেরত দিতে পতাকা বৈঠকের চিঠি দিয়েছে বিজিবি।

এর মধ্যে রয়েছে— পঞ্চগড় সদর উপজেলার কমলাপুর, বগুড়ার শিবগঞ্জ উপজেলার উথলি, ঝিনাইদহের শৈলকূপা উপজেলার কৃপালপুর, পিরোজপুরের নেছারাবাদ উপজেলার রাজাবাড়ি, কক্সবাজারের টেকনাফ উপজেলার রাজারছড়া, কুমিল্লার আদর্শ সদর উপজেলার অরণ্যপুর, রাজবাড়ীর গোয়ালন্দ উপজেলার তেনাপচা, মৌলভীবাজারের উপজেলার ফুলতলা, পঞ্চগড়ের উপজেলার পাঁচপির, জামালপুরের উপজেলার গাইবান্ধা এবং সদর উপজেলার সুরঞ্জ ব্লক।

কৃষকদের ভাগ করা হয়েছে ৫টি শ্রেণিতে। জমির মালিকানার ভিত্তিতে কৃষকদের পাঁচটি শ্রেণিতে ভাগ করা হয়েছে। এতে ৫ শতকের কম জমির মালিককে ভূমিহীন, ৫-৪৯ শতকের মালিককে প্রান্তিক, ৫০-২৪৯ শতকের মালিককে ক্ষুদ্র, ২৫০-৭৪৯ শতকের মালিককে মাঝারি এবং ৭৫০ শতকের বেশি জমির মালিককে বড় কৃষক ধরা হয়েছে।
